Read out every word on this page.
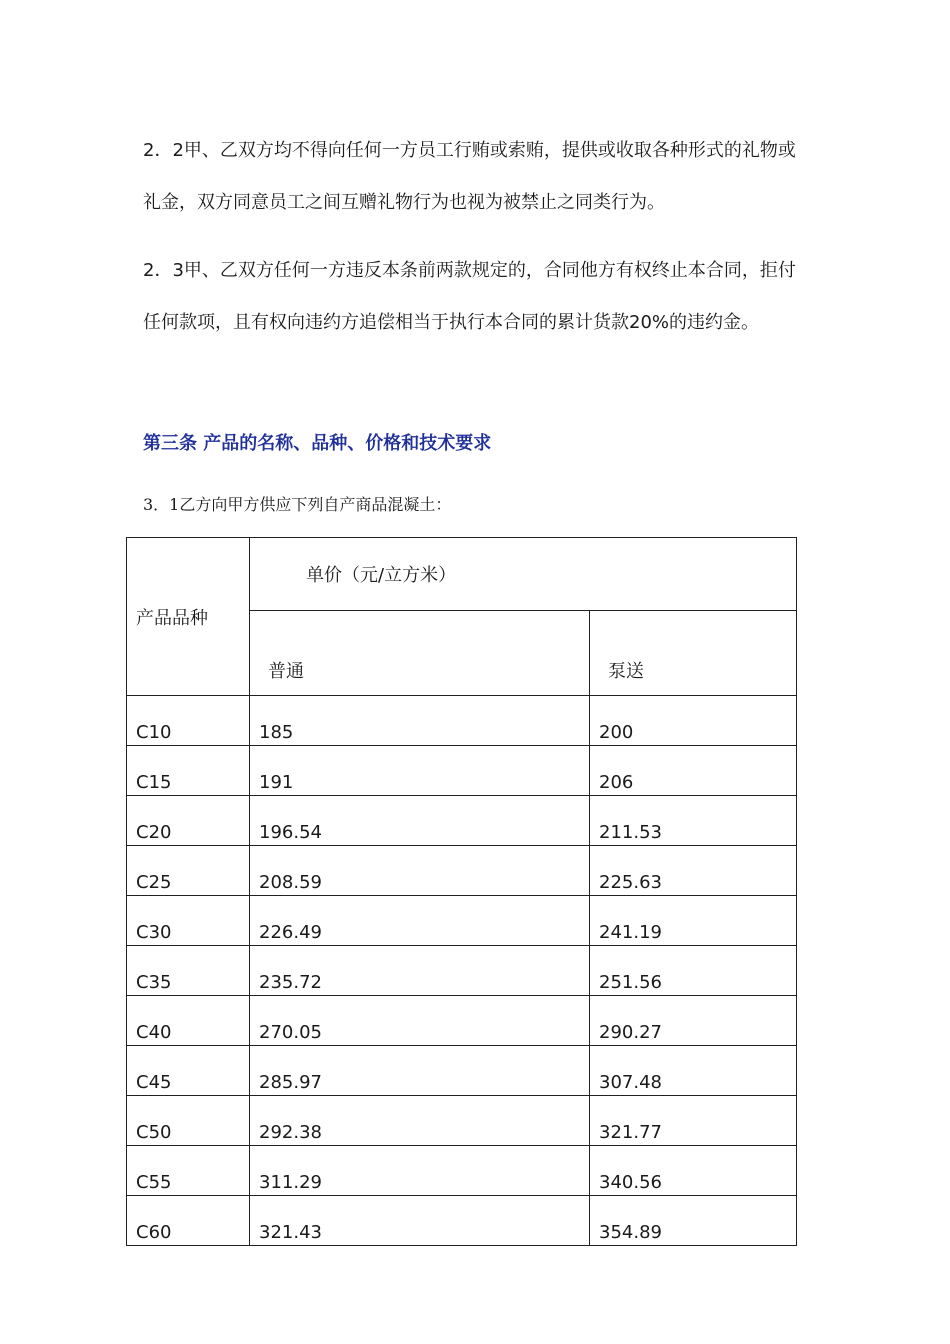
2．2甲、乙双方均不得向任何一方员工行贿或索贿，提供或收取各种形式的礼物或礼金，双方同意员工之间互赠礼物行为也视为被禁止之同类行为。

2．3甲、乙双方任何一方违反本条前两款规定的，合同他方有权终止本合同，拒付任何款项，且有权向违约方追偿相当于执行本合同的累计货款20%的违约金。

第三条 产品的名称、品种、价格和技术要求

3．1乙方向甲方供应下列自产商品混凝土：

产品品种	单价（元/立方米）	
	普通	泵送
C10	185	200
C15	191	206
C20	196.54	211.53
C25	208.59	225.63
C30	226.49	241.19
C35	235.72	251.56
C40	270.05	290.27
C45	285.97	307.48
C50	292.38	321.77
C55	311.29	340.56
C60	321.43	354.89
